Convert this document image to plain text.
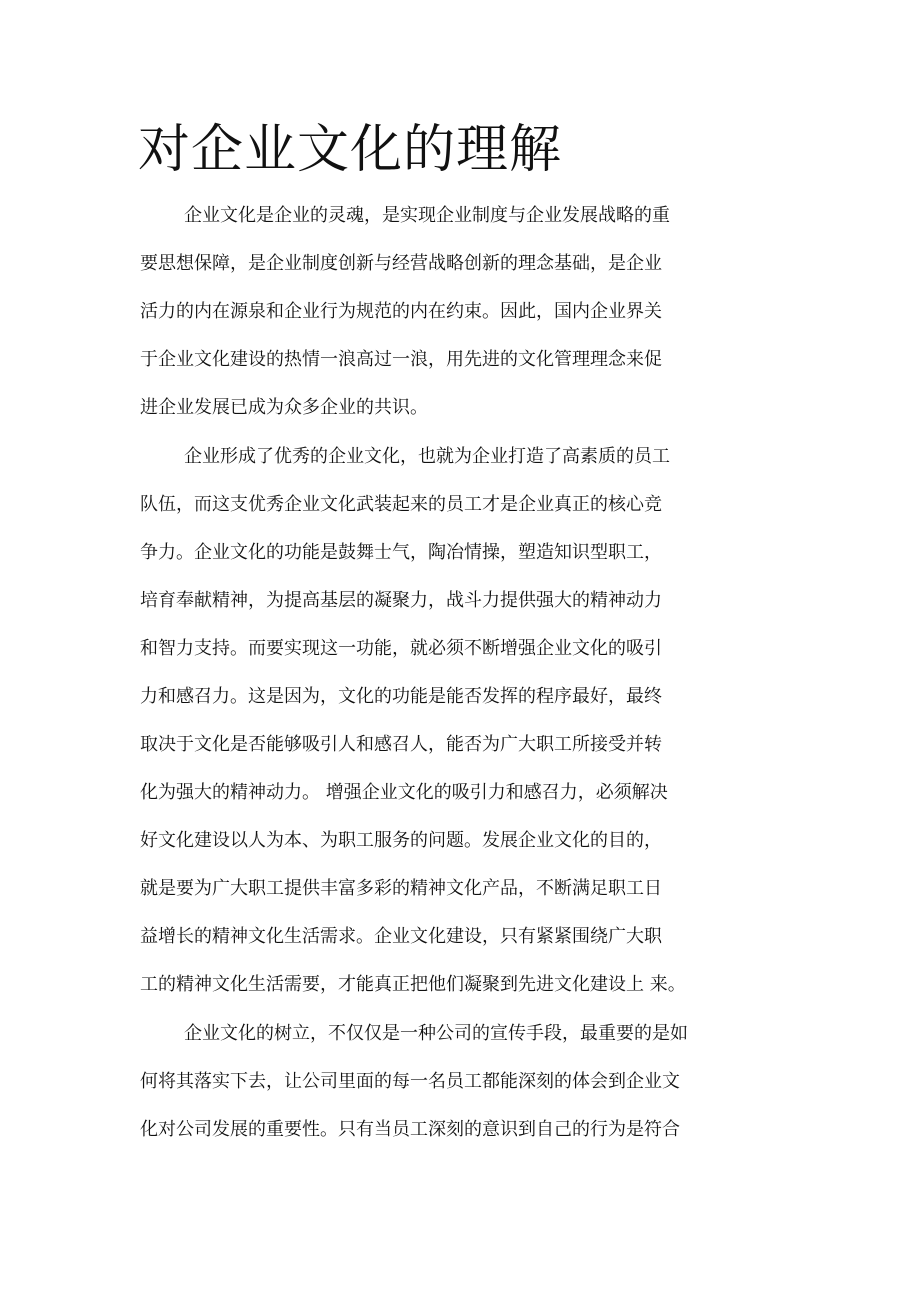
对企业文化的理解

企业文化是企业的灵魂，是实现企业制度与企业发展战略的重

要思想保障，是企业制度创新与经营战略创新的理念基础，是企业

活力的内在源泉和企业行为规范的内在约束。因此，国内企业界关

于企业文化建设的热情一浪高过一浪，用先进的文化管理理念来促

进企业发展已成为众多企业的共识。

企业形成了优秀的企业文化，也就为企业打造了高素质的员工

队伍，而这支优秀企业文化武装起来的员工才是企业真正的核心竞

争力。企业文化的功能是鼓舞士气，陶冶情操，塑造知识型职工，

培育奉献精神，为提高基层的凝聚力，战斗力提供强大的精神动力

和智力支持。而要实现这一功能，就必须不断增强企业文化的吸引

力和感召力。这是因为，文化的功能是能否发挥的程序最好，最终

取决于文化是否能够吸引人和感召人，能否为广大职工所接受并转

化为强大的精神动力。 增强企业文化的吸引力和感召力，必须解决

好文化建设以人为本、为职工服务的问题。发展企业文化的目的，

就是要为广大职工提供丰富多彩的精神文化产品，不断满足职工日

益增长的精神文化生活需求。企业文化建设，只有紧紧围绕广大职

工的精神文化生活需要，才能真正把他们凝聚到先进文化建设上 来。

企业文化的树立，不仅仅是一种公司的宣传手段，最重要的是如

何将其落实下去，让公司里面的每一名员工都能深刻的体会到企业文

化对公司发展的重要性。只有当员工深刻的意识到自己的行为是符合
